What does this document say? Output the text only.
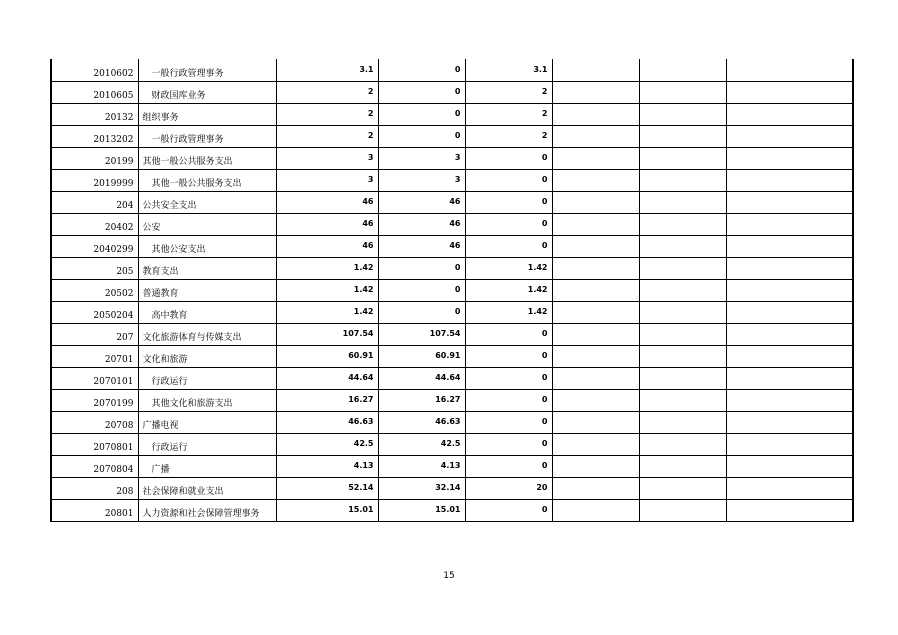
2010602	　一般行政管理事务	3.1	0	3.1			
2010605	　财政国库业务	2	0	2			
20132	组织事务	2	0	2			
2013202	　一般行政管理事务	2	0	2			
20199	其他一般公共服务支出	3	3	0			
2019999	　其他一般公共服务支出	3	3	0			
204	公共安全支出	46	46	0			
20402	公安	46	46	0			
2040299	　其他公安支出	46	46	0			
205	教育支出	1.42	0	1.42			
20502	普通教育	1.42	0	1.42			
2050204	　高中教育	1.42	0	1.42			
207	文化旅游体育与传媒支出	107.54	107.54	0			
20701	文化和旅游	60.91	60.91	0			
2070101	　行政运行	44.64	44.64	0			
2070199	　其他文化和旅游支出	16.27	16.27	0			
20708	广播电视	46.63	46.63	0			
2070801	　行政运行	42.5	42.5	0			
2070804	　广播	4.13	4.13	0			
208	社会保障和就业支出	52.14	32.14	20			
20801	人力资源和社会保障管理事务	15.01	15.01	0			
15
